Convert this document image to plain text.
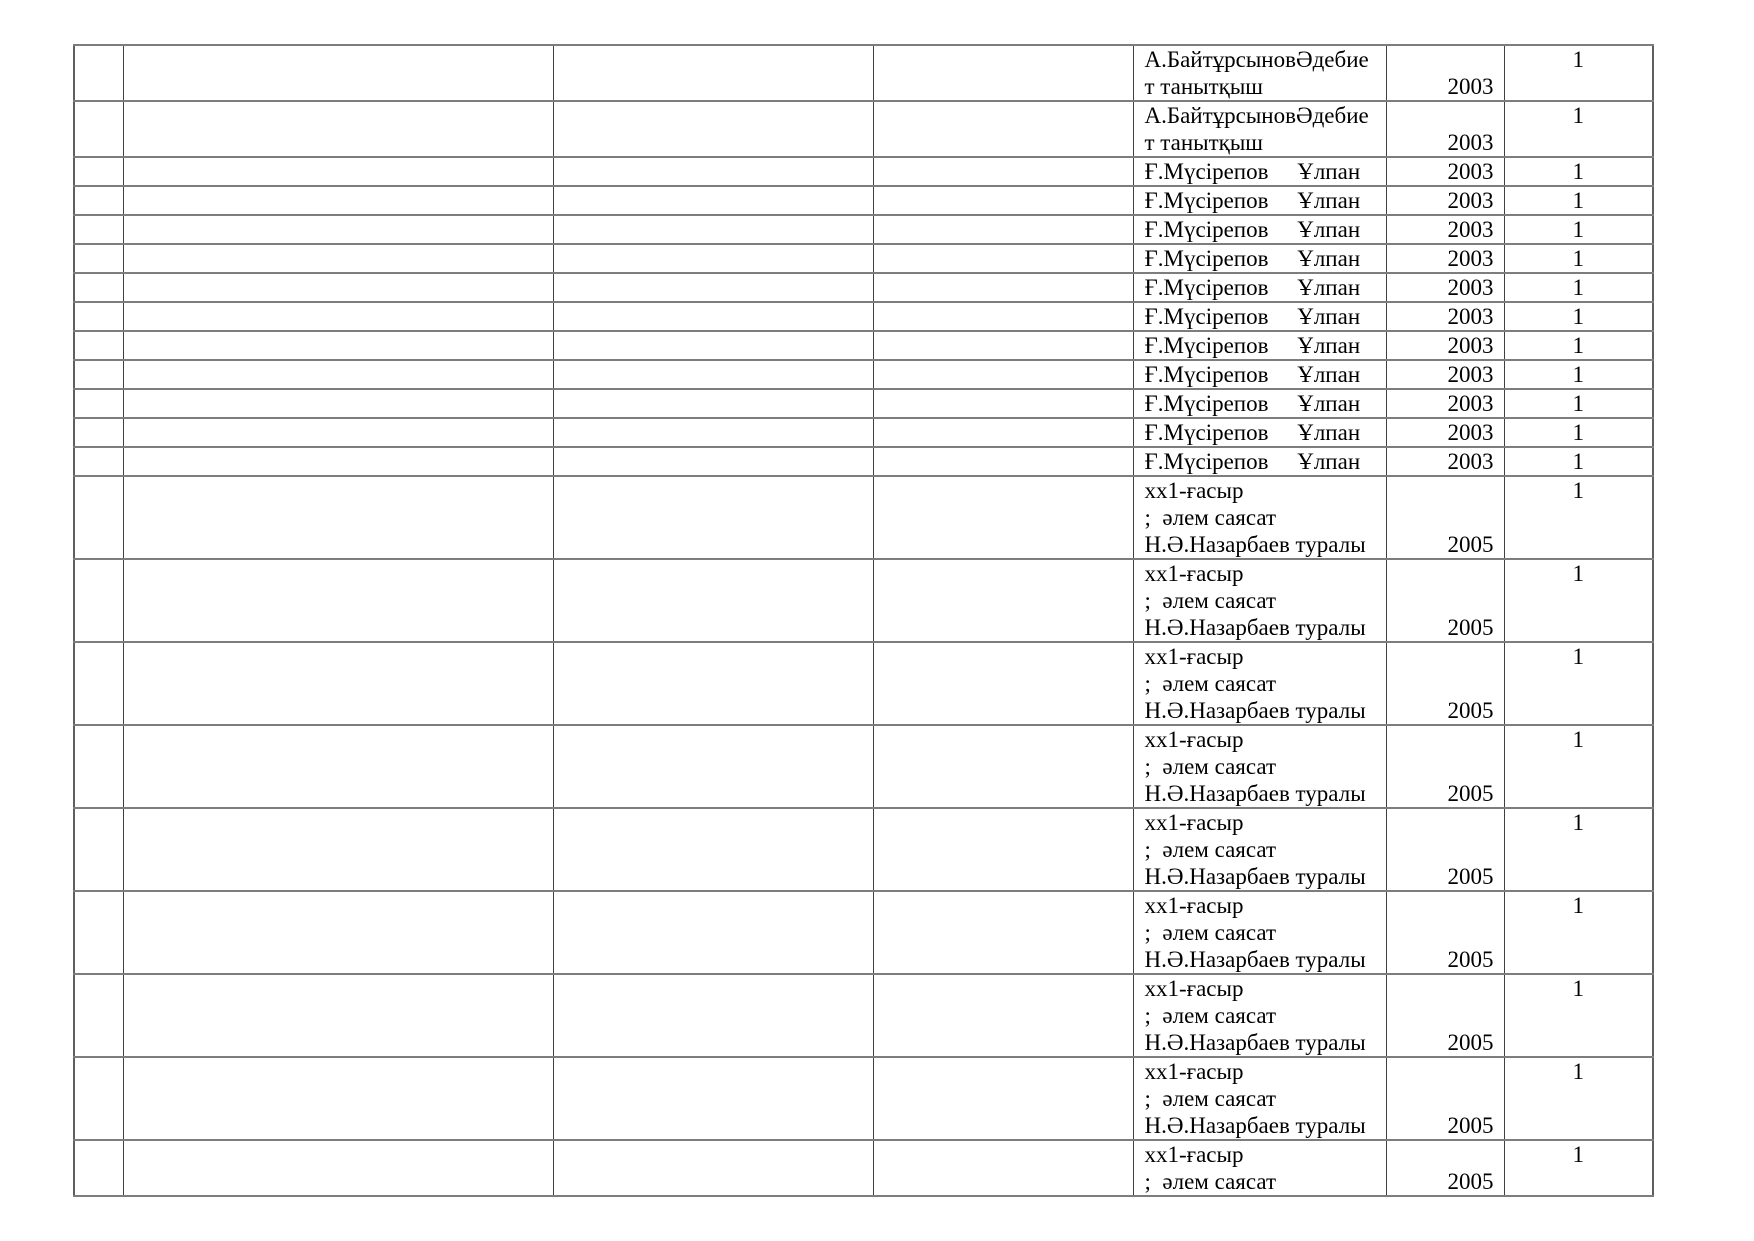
				А.БайтұрсыновӘдебие
т танытқыш	2003	1

				А.БайтұрсыновӘдебие
т танытқыш	2003	1

				Ғ.Мүсірепов     Ұлпан	2003	1

				Ғ.Мүсірепов     Ұлпан	2003	1

				Ғ.Мүсірепов     Ұлпан	2003	1

				Ғ.Мүсірепов     Ұлпан	2003	1

				Ғ.Мүсірепов     Ұлпан	2003	1

				Ғ.Мүсірепов     Ұлпан	2003	1

				Ғ.Мүсірепов     Ұлпан	2003	1

				Ғ.Мүсірепов     Ұлпан	2003	1

				Ғ.Мүсірепов     Ұлпан	2003	1

				Ғ.Мүсірепов     Ұлпан	2003	1

				Ғ.Мүсірепов     Ұлпан	2003	1

				хх1-ғасыр
;  әлем саясат
Н.Ә.Назарбаев туралы	2005	1

				хх1-ғасыр
;  әлем саясат
Н.Ә.Назарбаев туралы	2005	1

				хх1-ғасыр
;  әлем саясат
Н.Ә.Назарбаев туралы	2005	1

				хх1-ғасыр
;  әлем саясат
Н.Ә.Назарбаев туралы	2005	1

				хх1-ғасыр
;  әлем саясат
Н.Ә.Назарбаев туралы	2005	1

				хх1-ғасыр
;  әлем саясат
Н.Ә.Назарбаев туралы	2005	1

				хх1-ғасыр
;  әлем саясат
Н.Ә.Назарбаев туралы	2005	1

				хх1-ғасыр
;  әлем саясат
Н.Ә.Назарбаев туралы	2005	1

				хх1-ғасыр
;  әлем саясат	2005	1
